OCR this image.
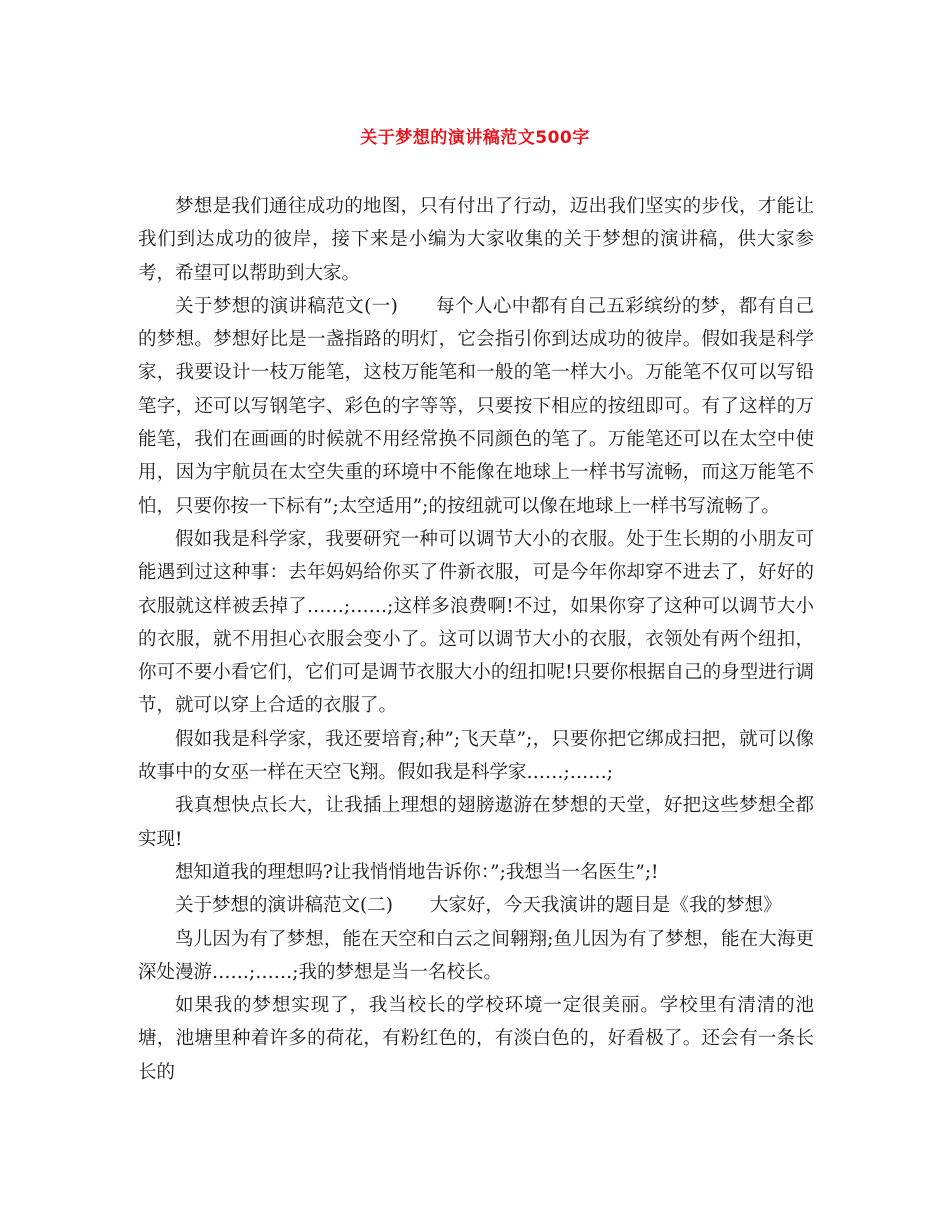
关于梦想的演讲稿范文500字

梦想是我们通往成功的地图，只有付出了行动，迈出我们坚实的步伐，才能让我们到达成功的彼岸，接下来是小编为大家收集的关于梦想的演讲稿，供大家参考，希望可以帮助到大家。

关于梦想的演讲稿范文(一)　　每个人心中都有自己五彩缤纷的梦，都有自己的梦想。梦想好比是一盏指路的明灯，它会指引你到达成功的彼岸。假如我是科学家，我要设计一枝万能笔，这枝万能笔和一般的笔一样大小。万能笔不仅可以写铅笔字，还可以写钢笔字、彩色的字等等，只要按下相应的按纽即可。有了这样的万能笔，我们在画画的时候就不用经常换不同颜色的笔了。万能笔还可以在太空中使用，因为宇航员在太空失重的环境中不能像在地球上一样书写流畅，而这万能笔不怕，只要你按一下标有”;太空适用”;的按纽就可以像在地球上一样书写流畅了。

假如我是科学家，我要研究一种可以调节大小的衣服。处于生长期的小朋友可能遇到过这种事：去年妈妈给你买了件新衣服，可是今年你却穿不进去了，好好的衣服就这样被丢掉了……;……;这样多浪费啊!不过，如果你穿了这种可以调节大小的衣服，就不用担心衣服会变小了。这可以调节大小的衣服，衣领处有两个纽扣，你可不要小看它们，它们可是调节衣服大小的纽扣呢!只要你根据自己的身型进行调节，就可以穿上合适的衣服了。

假如我是科学家，我还要培育;种”;飞天草”;，只要你把它绑成扫把，就可以像故事中的女巫一样在天空飞翔。假如我是科学家……;……;

我真想快点长大，让我插上理想的翅膀遨游在梦想的天堂，好把这些梦想全都实现!

想知道我的理想吗?让我悄悄地告诉你：”;我想当一名医生”;!

关于梦想的演讲稿范文(二)　　大家好，今天我演讲的题目是《我的梦想》

鸟儿因为有了梦想，能在天空和白云之间翱翔;鱼儿因为有了梦想，能在大海更深处漫游……;……;我的梦想是当一名校长。

如果我的梦想实现了，我当校长的学校环境一定很美丽。学校里有清清的池塘，池塘里种着许多的荷花，有粉红色的，有淡白色的，好看极了。还会有一条长长的
